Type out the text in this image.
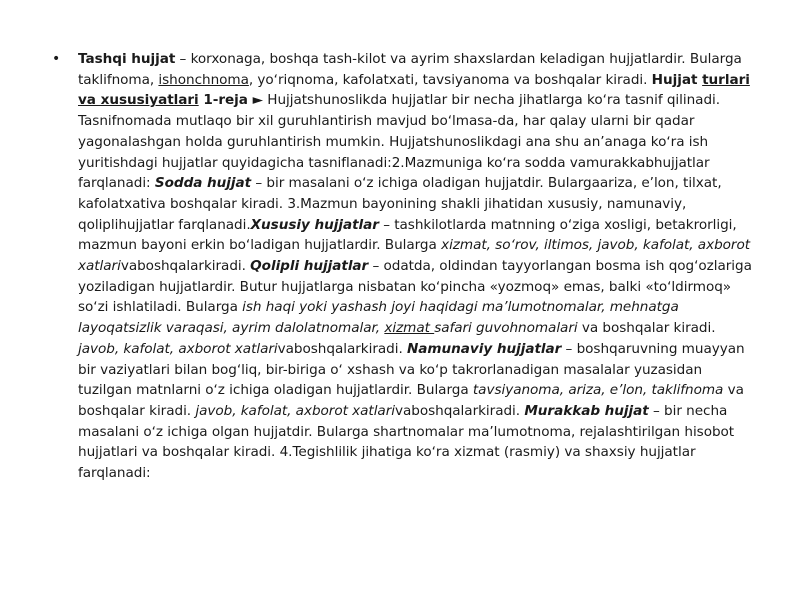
•	Tashqi hujjat – korxonaga, boshqa tash-kilot va ayrim shaxslardan keladigan hujjatlardir. Bularga taklifnoma, ishonchnoma, yoʻriqnoma, kafolatxati, tavsiyanoma va boshqalar kiradi. Hujjat turlari va xususiyatlari 1-reja ► Hujjatshunoslikda hujjatlar bir necha jihatlarga koʻra tasnif qilinadi. Tasnifnomada mutlaqo bir xil guruhlantirish mavjud boʻlmasa-da, har qalay ularni bir qadar yagonalashgan holda guruhlantirish mumkin. Hujjatshunoslikdagi ana shu an’anaga koʻra ish yuritishdagi hujjatlar quyidagicha tasniflanadi:2.Mazmuniga koʻra sodda vamurakkabhujjatlar farqlanadi: Sodda hujjat – bir masalani oʻz ichiga oladigan hujjatdir. Bulargaariza, e’lon, tilxat, kafolatxativa boshqalar kiradi. 3.Mazmun bayonining shakli jihatidan xususiy, namunaviy, qoliplihujjatlar farqlanadi.Xususiy hujjatlar – tashkilotlarda matnning oʻziga xosligi, betakrorligi, mazmun bayoni erkin boʻladigan hujjatlardir. Bularga xizmat, soʻrov, iltimos, javob, kafolat, axborot xatlarivaboshqalarkiradi. Qolipli hujjatlar – odatda, oldindan tayyorlangan bosma ish qogʻozlariga yoziladigan hujjatlardir. Butur hujjatlarga nisbatan koʻpincha «yozmoq» emas, balki «toʻldirmoq» soʻzi ishlatiladi. Bularga ish haqi yoki yashash joyi haqidagi ma’lumotnomalar, mehnatga layoqatsizlik varaqasi, ayrim dalolatnomalar, xizmat safari guvohnomalari va boshqalar kiradi. javob, kafolat, axborot xatlarivaboshqalarkiradi. Namunaviy hujjatlar – boshqaruvning muayyan bir vaziyatlari bilan bogʻliq, bir-biriga oʻ xshash va koʻp takrorlanadigan masalalar yuzasidan tuzilgan matnlarni oʻz ichiga oladigan hujjatlardir. Bularga tavsiyanoma, ariza, e’lon, taklifnoma va boshqalar kiradi. javob, kafolat, axborot xatlarivaboshqalarkiradi. Murakkab hujjat – bir necha masalani oʻz ichiga olgan hujjatdir. Bularga shartnomalar ma’lumotnoma, rejalashtirilgan hisobot hujjatlari va boshqalar kiradi. 4.Tegishlilik jihatiga koʻra xizmat (rasmiy) va shaxsiy hujjatlar farqlanadi:
